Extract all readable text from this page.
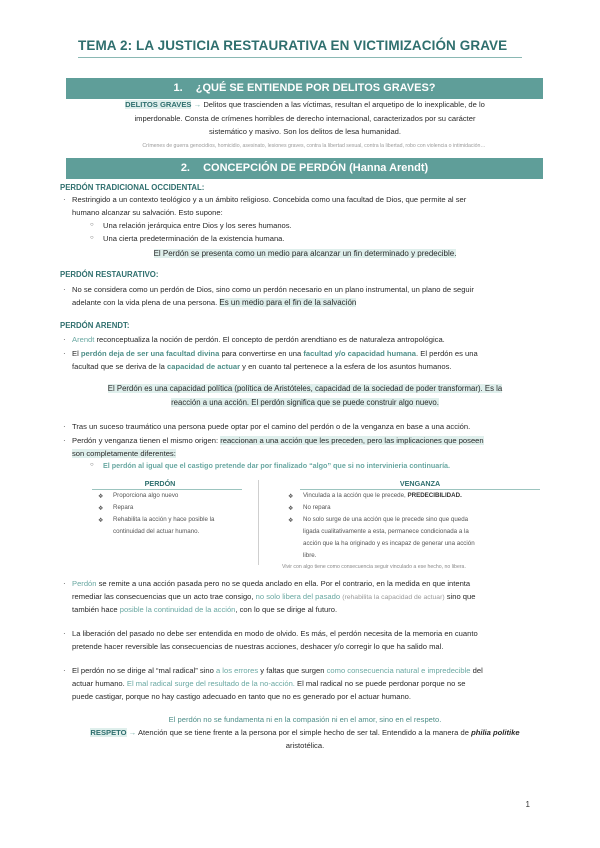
TEMA 2: LA JUSTICIA RESTAURATIVA EN VICTIMIZACIÓN GRAVE
1. ¿QUÉ SE ENTIENDE POR DELITOS GRAVES?
DELITOS GRAVES → Delitos que trascienden a las víctimas, resultan el arquetipo de lo inexplicable, de lo
imperdonable. Consta de crímenes horribles de derecho internacional, caracterizados por su carácter
sistemático y masivo. Son los delitos de lesa humanidad.
Crímenes de guerra genocidios, homicidio, asesinato, lesiones graves, contra la libertad sexual, contra la libertad, robo con violencia o intimidación…
2. CONCEPCIÓN DE PERDÓN (Hanna Arendt)
PERDÓN TRADICIONAL OCCIDENTAL:
· Restringido a un contexto teológico y a un ámbito religioso. Concebida como una facultad de Dios, que permite al ser
humano alcanzar su salvación. Esto supone:
○ Una relación jerárquica entre Dios y los seres humanos.
○ Una cierta predeterminación de la existencia humana.
El Perdón se presenta como un medio para alcanzar un fin determinado y predecible.
PERDÓN RESTAURATIVO:
· No se considera como un perdón de Dios, sino como un perdón necesario en un plano instrumental, un plano de seguir
adelante con la vida plena de una persona. Es un medio para el fin de la salvación
PERDÓN ARENDT:
· Arendt reconceptualiza la noción de perdón. El concepto de perdón arendtiano es de naturaleza antropológica.
· El perdón deja de ser una facultad divina para convertirse en una facultad y/o capacidad humana. El perdón es una
facultad que se deriva de la capacidad de actuar y en cuanto tal pertenece a la esfera de los asuntos humanos.
El Perdón es una capacidad política (política de Aristóteles, capacidad de la sociedad de poder transformar). Es la
reacción a una acción. El perdón significa que se puede construir algo nuevo.
· Tras un suceso traumático una persona puede optar por el camino del perdón o de la venganza en base a una acción.
· Perdón y venganza tienen el mismo origen: reaccionan a una acción que les preceden, pero las implicaciones que poseen
son completamente diferentes:
○ El perdón al igual que el castigo pretende dar por finalizado “algo” que si no intervinieria continuaría.
PERDÓN	VENGANZA
❖ Proporciona algo nuevo
❖ Repara
❖ Rehabilita la acción y hace posible la
continuidad del actuar humano.
❖ Vinculada a la acción que le precede, PREDECIBILIDAD.
❖ No repara
❖ No solo surge de una acción que le precede sino que queda
ligada cualitativamente a esta, permanece condicionada a la
acción que la ha originado y es incapaz de generar una acción
libre.
Vivir con algo tiene como consecuencia seguir vinculado a ese hecho, no libera.
· Perdón se remite a una acción pasada pero no se queda anclado en ella. Por el contrario, en la medida en que intenta
remediar las consecuencias que un acto trae consigo, no solo libera del pasado (rehabilita la capacidad de actuar) sino que
también hace posible la continuidad de la acción, con lo que se dirige al futuro.
· La liberación del pasado no debe ser entendida en modo de olvido. Es más, el perdón necesita de la memoria en cuanto
pretende hacer reversible las consecuencias de nuestras acciones, deshacer y/o corregir lo que ha salido mal.
· El perdón no se dirige al “mal radical” sino a los errores y faltas que surgen como consecuencia natural e impredecible del
actuar humano. El mal radical surge del resultado de la no-acción. El mal radical no se puede perdonar porque no se
puede castigar, porque no hay castigo adecuado en tanto que no es generado por el actuar humano.
El perdón no se fundamenta ni en la compasión ni en el amor, sino en el respeto.
RESPETO → Atención que se tiene frente a la persona por el simple hecho de ser tal. Entendido a la manera de philia politike
aristotélica.
1
